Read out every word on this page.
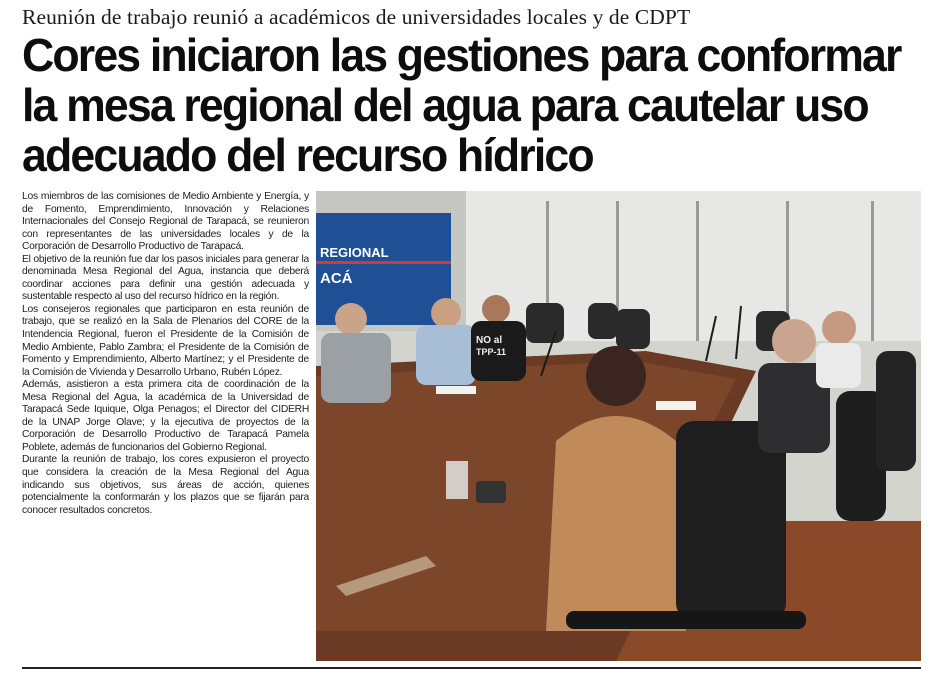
Reunión de trabajo reunió a académicos de universidades locales y de CDPT
Cores iniciaron las gestiones para conformar
la mesa regional del agua para cautelar uso
adecuado del recurso hídrico

Los miembros de las comisiones de Medio Ambiente y Energía, y de Fomento, Emprendimiento, Innovación y Relaciones Internacionales del Consejo Regional de Tarapacá, se reunieron con representantes de las universidades locales y de la Corporación de Desarrollo Productivo de Tarapacá.

El objetivo de la reunión fue dar los pasos iniciales para generar la denominada Mesa Regional del Agua, instancia que deberá coordinar acciones para definir una gestión adecuada y sustentable respecto al uso del recurso hídrico en la región.

Los consejeros regionales que participaron en esta reunión de trabajo, que se realizó en la Sala de Plenarios del CORE de la Intendencia Regional, fueron el Presidente de la Comisión de Medio Ambiente, Pablo Zambra; el Presidente de la Comisión de Fomento y Emprendimiento, Alberto Martínez; y el Presidente de la Comisión de Vivienda y Desarrollo Urbano, Rubén López.

Además, asistieron a esta primera cita de coordinación de la Mesa Regional del Agua, la académica de la Universidad de Tarapacá Sede Iquique, Olga Penagos; el Director del CIDERH de la UNAP Jorge Olave; y la ejecutiva de proyectos de la Corporación de Desarrollo Productivo de Tarapacá Pamela Poblete, además de funcionarios del Gobierno Regional.

Durante la reunión de trabajo, los cores expusieron el proyecto que considera la creación de la Mesa Regional del Agua indicando sus objetivos, sus áreas de acción, quienes potencialmente la conformarán y los plazos que se fijarán para conocer resultados concretos.

REGIONAL
ACÁ
NO al
TPP-11
